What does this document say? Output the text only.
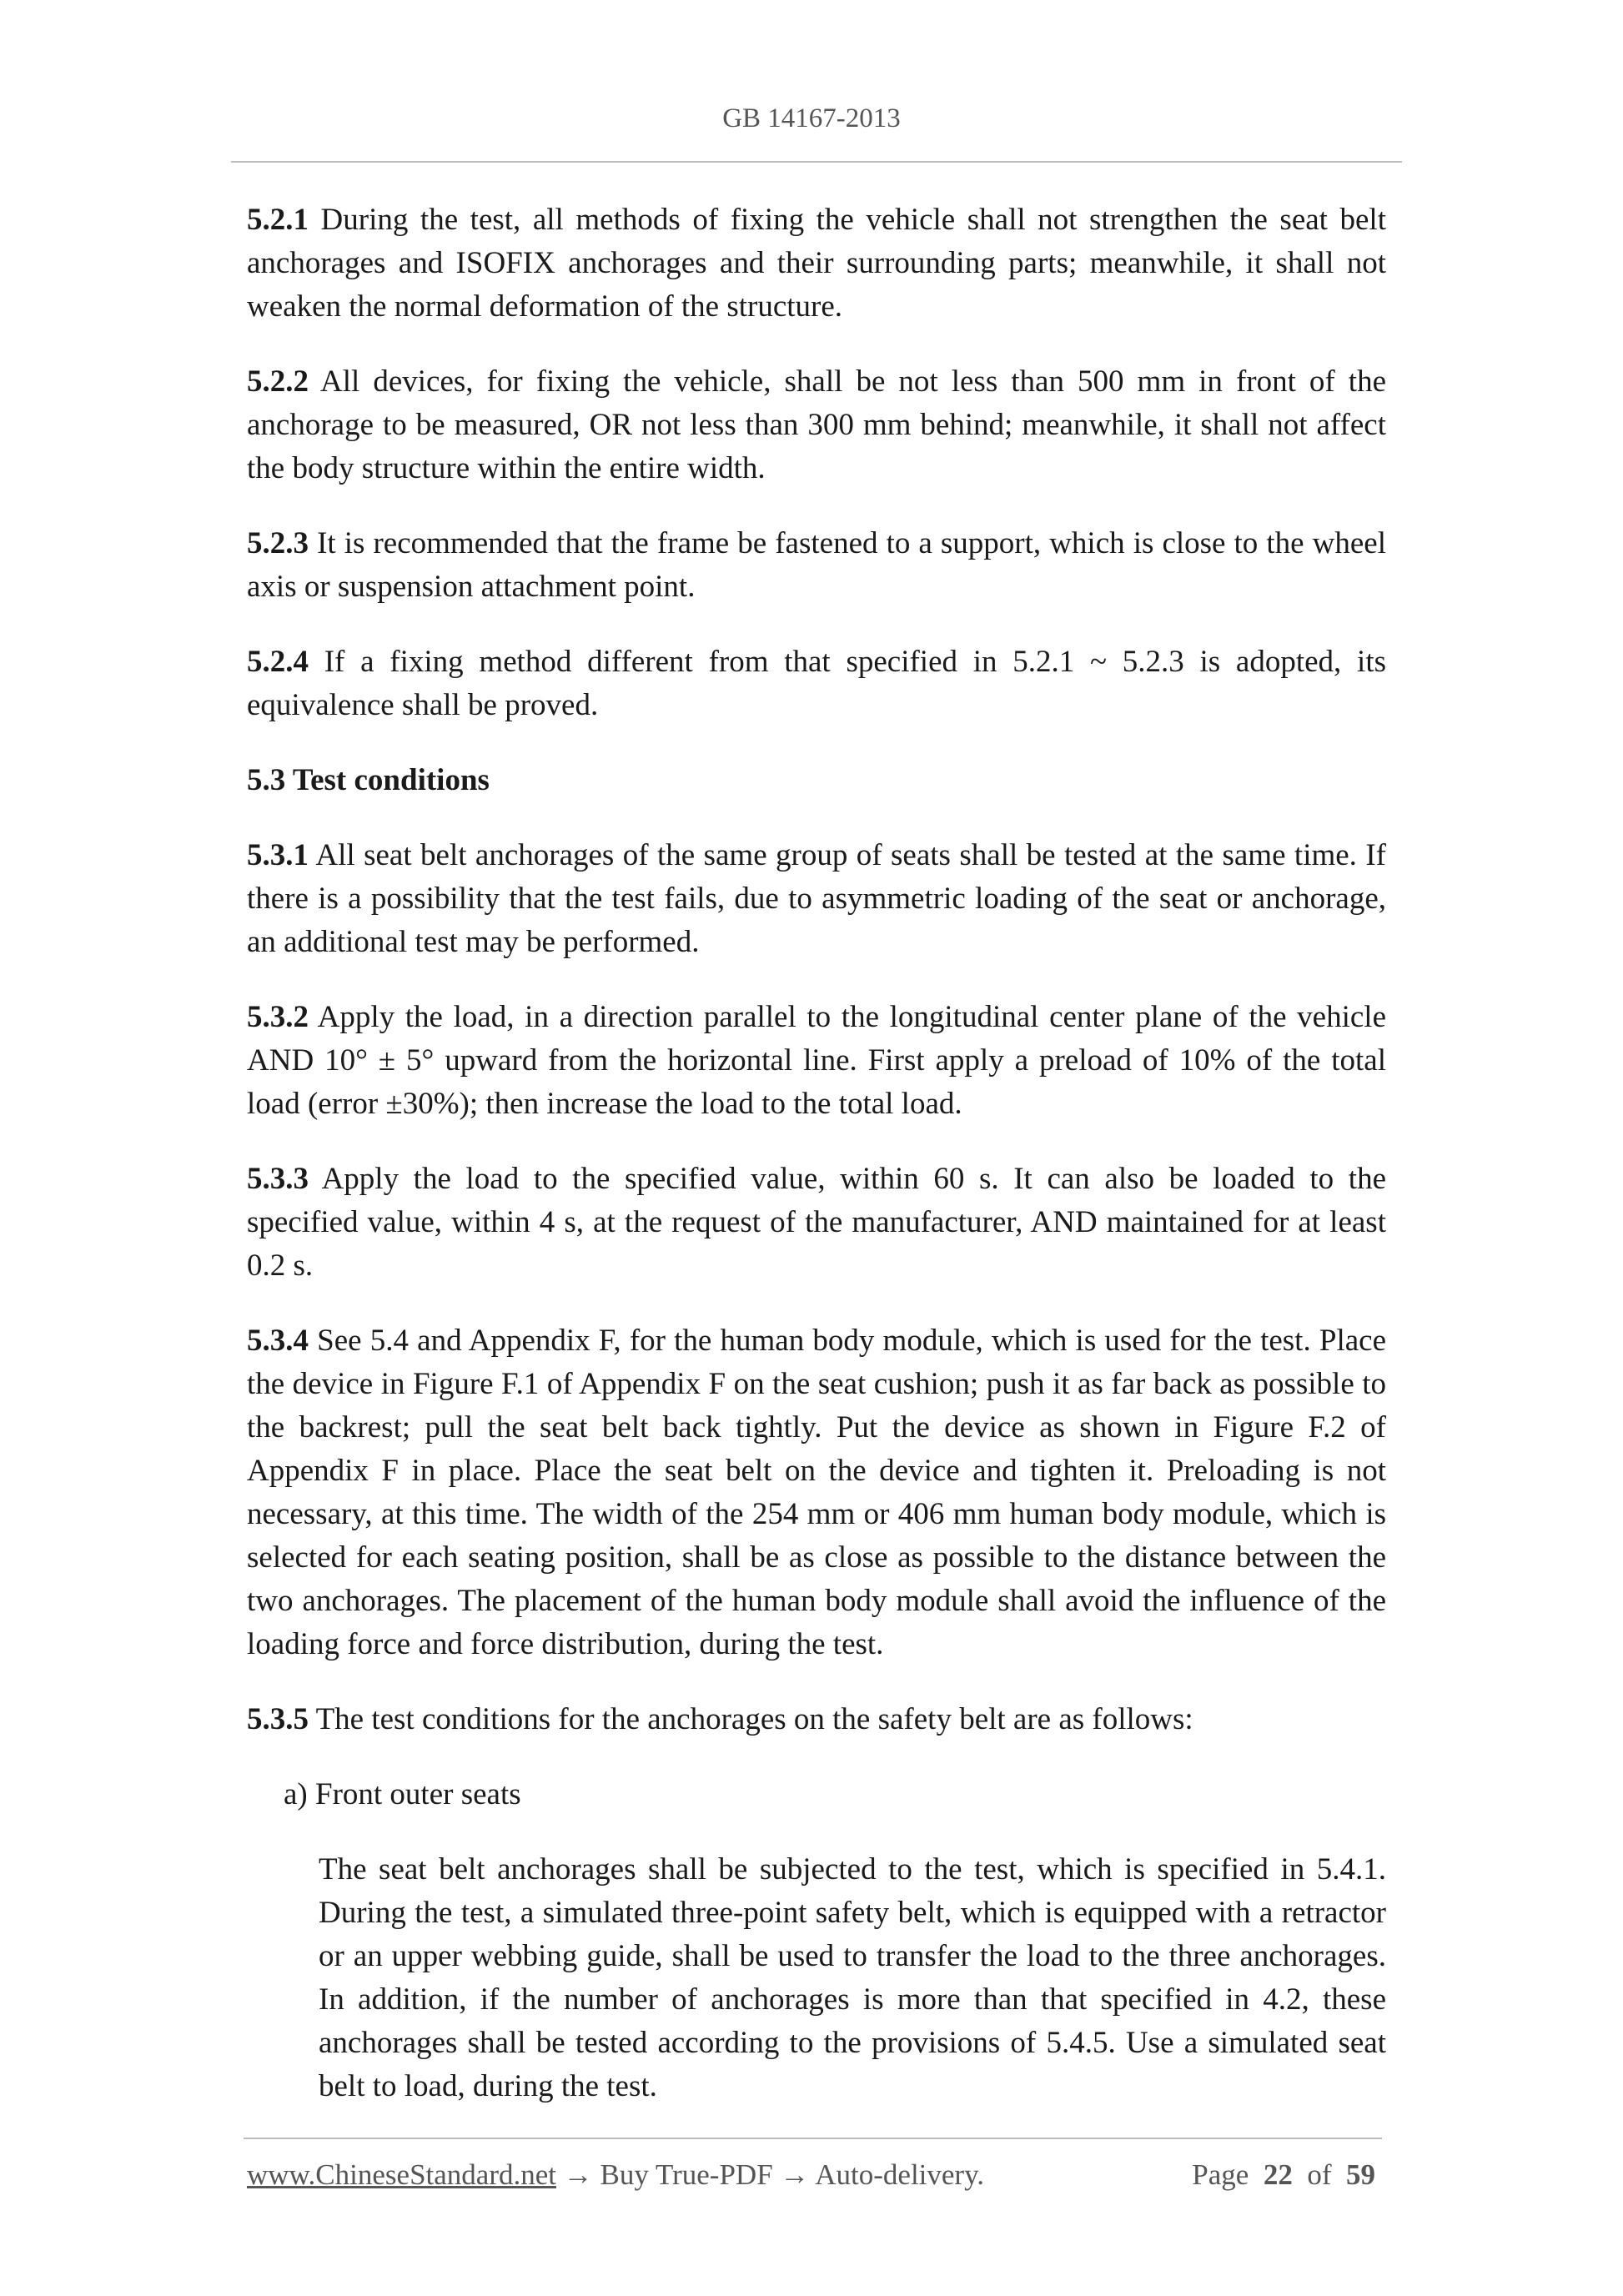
GB 14167-2013

5.2.1 During the test, all methods of fixing the vehicle shall not strengthen the seat belt anchorages and ISOFIX anchorages and their surrounding parts; meanwhile, it shall not weaken the normal deformation of the structure.

5.2.2 All devices, for fixing the vehicle, shall be not less than 500 mm in front of the anchorage to be measured, OR not less than 300 mm behind; meanwhile, it shall not affect the body structure within the entire width.

5.2.3 It is recommended that the frame be fastened to a support, which is close to the wheel axis or suspension attachment point.

5.2.4 If a fixing method different from that specified in 5.2.1 ~ 5.2.3 is adopted, its equivalence shall be proved.

5.3 Test conditions

5.3.1 All seat belt anchorages of the same group of seats shall be tested at the same time. If there is a possibility that the test fails, due to asymmetric loading of the seat or anchorage, an additional test may be performed.

5.3.2 Apply the load, in a direction parallel to the longitudinal center plane of the vehicle AND 10° ± 5° upward from the horizontal line. First apply a preload of 10% of the total load (error ±30%); then increase the load to the total load.

5.3.3 Apply the load to the specified value, within 60 s. It can also be loaded to the specified value, within 4 s, at the request of the manufacturer, AND maintained for at least 0.2 s.

5.3.4 See 5.4 and Appendix F, for the human body module, which is used for the test. Place the device in Figure F.1 of Appendix F on the seat cushion; push it as far back as possible to the backrest; pull the seat belt back tightly. Put the device as shown in Figure F.2 of Appendix F in place. Place the seat belt on the device and tighten it. Preloading is not necessary, at this time. The width of the 254 mm or 406 mm human body module, which is selected for each seating position, shall be as close as possible to the distance between the two anchorages. The placement of the human body module shall avoid the influence of the loading force and force distribution, during the test.

5.3.5 The test conditions for the anchorages on the safety belt are as follows:

a) Front outer seats

The seat belt anchorages shall be subjected to the test, which is specified in 5.4.1. During the test, a simulated three-point safety belt, which is equipped with a retractor or an upper webbing guide, shall be used to transfer the load to the three anchorages. In addition, if the number of anchorages is more than that specified in 4.2, these anchorages shall be tested according to the provisions of 5.4.5. Use a simulated seat belt to load, during the test.

www.ChineseStandard.net → Buy True-PDF → Auto-delivery.	Page 22 of 59
